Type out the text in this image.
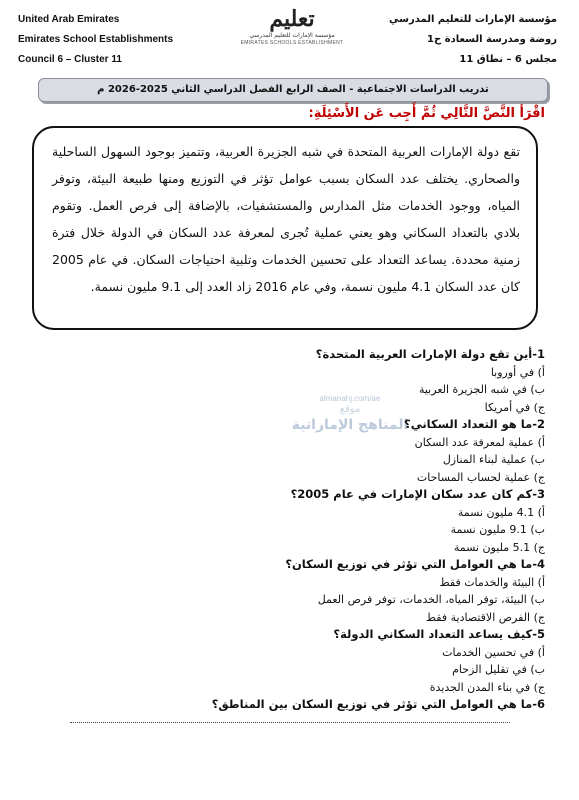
United Arab Emirates
Emirates School Establishments
Council 6 – Cluster 11
تعليم
مؤسسة الإمارات للتعليم المدرسي
EMIRATES SCHOOLS ESTABLISHMENT
مؤسسة الإمارات للتعليم المدرسي
روضة ومدرسة السعادة ح1
مجلس 6 – نطاق 11
تدريب الدراسات الاجتماعية - الصف الرابع الفصل الدراسي الثاني 2025-2026 م
اقْرَأ النَّصَّ التَّالِي ثُمَّ أَجِب عَن الأَسْئِلَةِ:
تقع دولة الإمارات العربية المتحدة في شبه الجزيرة العربية، وتتميز بوجود السهول الساحلية والصحاري. يختلف عدد السكان بسبب عوامل تؤثر في التوزيع ومنها طبيعة البيئة، وتوفر المياه، ووجود الخدمات مثل المدارس والمستشفيات، بالإضافة إلى فرص العمل. وتقوم بلادي بالتعداد السكاني وهو يعني عملية تُجرى لمعرفة عدد السكان في الدولة خلال فترة زمنية محددة. يساعد التعداد على تحسين الخدمات وتلبية احتياجات السكان. في عام 2005 كان عدد السكان 4.1 مليون نسمة، وفي عام 2016 زاد العدد إلى 9.1 مليون نسمة.
almanahj.com/ae
موقع
المناهج الإماراتية
1-أين تقع دولة الإمارات العربية المتحدة؟
أ) في أوروبا
ب) في شبه الجزيرة العربية
ج) في أمريكا
2-ما هو التعداد السكاني؟
أ) عملية لمعرفة عدد السكان
ب) عملية لبناء المنازل
ج) عملية لحساب المساحات
3-كم كان عدد سكان الإمارات في عام 2005؟
أ) 4.1 مليون نسمة
ب) 9.1 مليون نسمة
ج) 5.1 مليون نسمة
4-ما هي العوامل التي تؤثر في توزيع السكان؟
أ) البيئة والخدمات فقط
ب) البيئة، توفر المياه، الخدمات، توفر فرص العمل
ج) الفرص الاقتصادية فقط
5-كيف يساعد التعداد السكاني الدولة؟
أ) في تحسين الخدمات
ب) في تقليل الزحام
ج) في بناء المدن الجديدة
6-ما هي العوامل التي تؤثر في توزيع السكان بين المناطق؟
